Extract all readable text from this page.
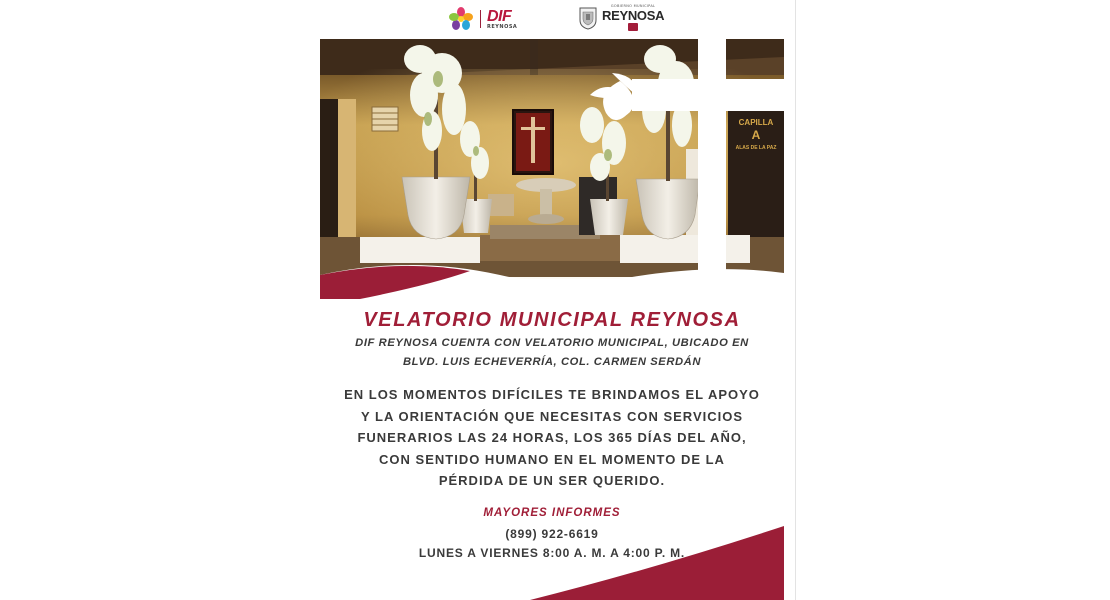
DIF
REYNOSA
GOBIERNO MUNICIPAL
REYNOSA
CAPILLA
A
ALAS DE LA PAZ
VELATORIO MUNICIPAL REYNOSA
DIF REYNOSA CUENTA CON VELATORIO MUNICIPAL, UBICADO EN
BLVD. LUIS ECHEVERRÍA, COL. CARMEN SERDÁN
EN LOS MOMENTOS DIFÍCILES TE BRINDAMOS EL APOYO
Y LA ORIENTACIÓN QUE NECESITAS CON SERVICIOS
FUNERARIOS LAS 24 HORAS, LOS 365 DÍAS DEL AÑO,
CON SENTIDO HUMANO EN EL MOMENTO DE LA
PÉRDIDA DE UN SER QUERIDO.
MAYORES INFORMES
(899) 922-6619
LUNES A VIERNES 8:00 A. M. A 4:00 P. M.
